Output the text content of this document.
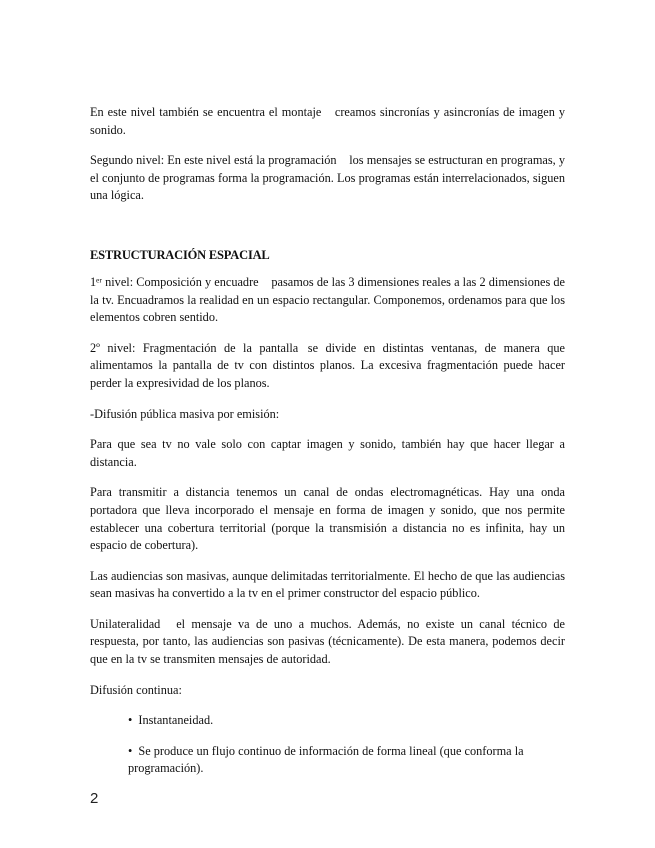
En este nivel también se encuentra el montaje  creamos sincronías y asincronías de imagen y sonido.

Segundo nivel: En este nivel está la programación  los mensajes se estructuran en programas, y el conjunto de programas forma la programación. Los programas están interrelacionados, siguen una lógica.

ESTRUCTURACIÓN ESPACIAL

1ᵉʳ nivel: Composición y encuadre  pasamos de las 3 dimensiones reales a las 2 dimensiones de la tv. Encuadramos la realidad en un espacio rectangular. Componemos, ordenamos para que los elementos cobren sentido.

2º nivel: Fragmentación de la pantalla se divide en distintas ventanas, de manera que alimentamos la pantalla de tv con distintos planos. La excesiva fragmentación puede hacer perder la expresividad de los planos.

-Difusión pública masiva por emisión:

Para que sea tv no vale solo con captar imagen y sonido, también hay que hacer llegar a distancia.

Para transmitir a distancia tenemos un canal de ondas electromagnéticas. Hay una onda portadora que lleva incorporado el mensaje en forma de imagen y sonido, que nos permite establecer una cobertura territorial (porque la transmisión a distancia no es infinita, hay un espacio de cobertura).

Las audiencias son masivas, aunque delimitadas territorialmente. El hecho de que las audiencias sean masivas ha convertido a la tv en el primer constructor del espacio público.

Unilateralidad  el mensaje va de uno a muchos. Además, no existe un canal técnico de respuesta, por tanto, las audiencias son pasivas (técnicamente). De esta manera, podemos decir que en la tv se transmiten mensajes de autoridad.

Difusión continua:

• Instantaneidad.

• Se produce un flujo continuo de información de forma lineal (que conforma la programación).

2
